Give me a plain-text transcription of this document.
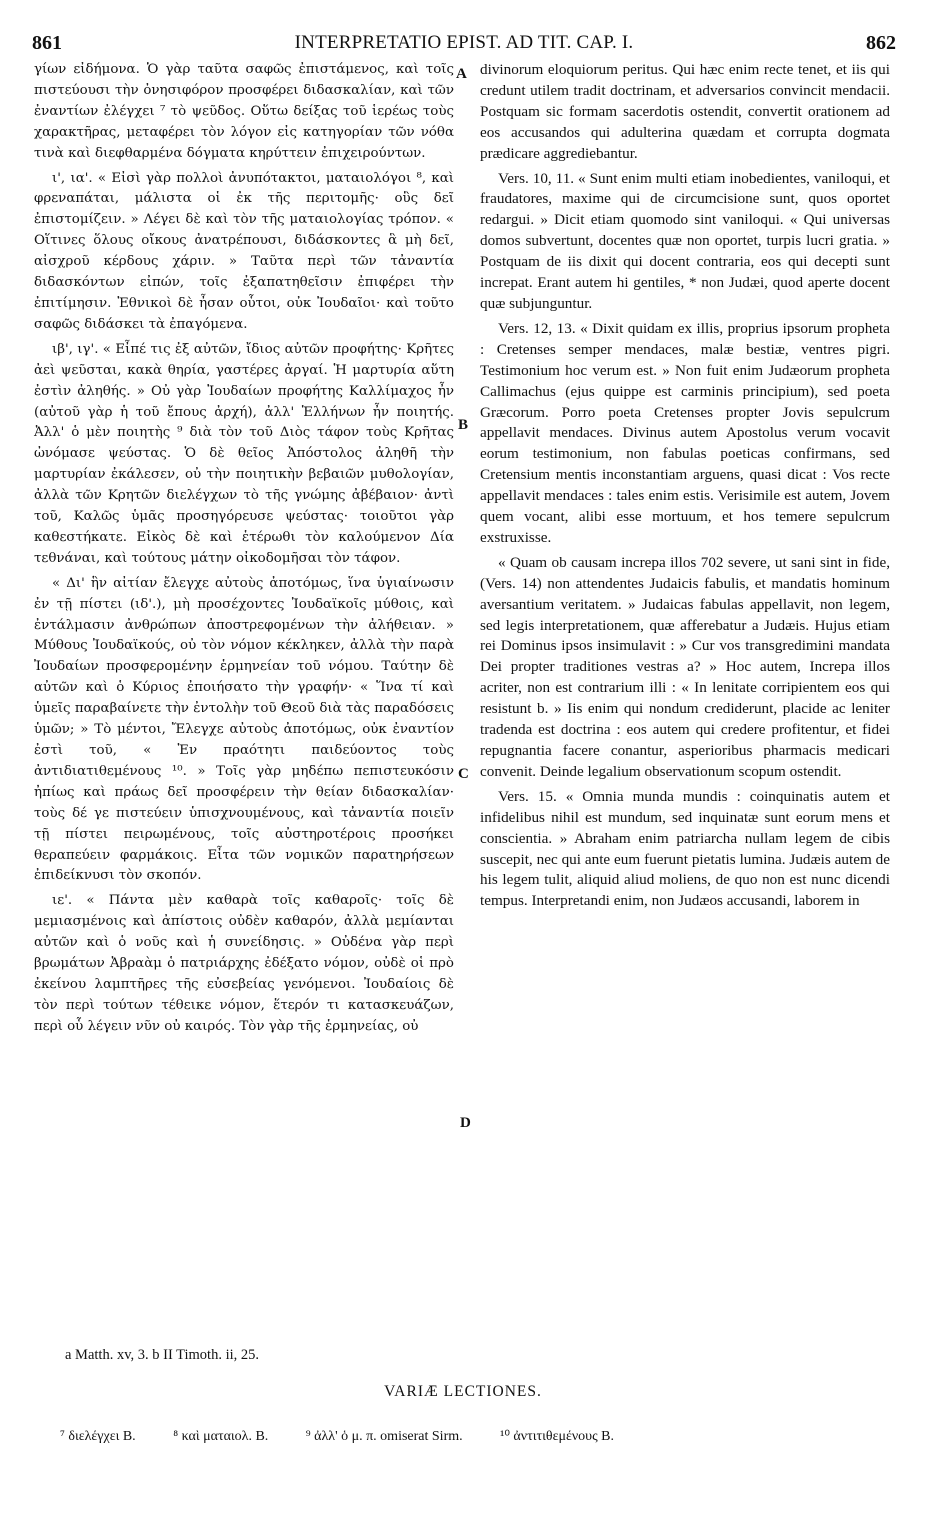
861	INTERPRETATIO EPIST. AD TIT. CAP. I.	862
A
B
C
D

γίων εἰδήμονα. Ὁ γὰρ ταῦτα σαφῶς ἐπιστάμενος, καὶ τοῖς πιστεύουσι τὴν ὀνησιφόρον προσφέρει διδασκαλίαν, καὶ τῶν ἐναντίων ἐλέγχει ⁷ τὸ ψεῦδος. Οὕτω δείξας τοῦ ἱερέως τοὺς χαρακτῆρας, μεταφέρει τὸν λόγον εἰς κατηγορίαν τῶν νόθα τινὰ καὶ διεφθαρμένα δόγματα κηρύττειν ἐπιχειρούντων.

ι', ια'. « Εἰσὶ γὰρ πολλοὶ ἀνυπότακτοι, ματαιολόγοι ⁸, καὶ φρεναπάται, μάλιστα οἱ ἐκ τῆς περιτομῆς· οὓς δεῖ ἐπιστομίζειν. » Λέγει δὲ καὶ τὸν τῆς ματαιολογίας τρόπον. « Οἵτινες ὅλους οἴκους ἀνατρέπουσι, διδάσκοντες ἃ μὴ δεῖ, αἰσχροῦ κέρδους χάριν. » Ταῦτα περὶ τῶν τἀναντία διδασκόντων εἰπών, τοῖς ἐξαπατηθεῖσιν ἐπιφέρει τὴν ἐπιτίμησιν. Ἐθνικοὶ δὲ ἦσαν οὗτοι, οὐκ Ἰουδαῖοι· καὶ τοῦτο σαφῶς διδάσκει τὰ ἐπαγόμενα.

ιβ', ιγ'. « Εἶπέ τις ἐξ αὐτῶν, ἴδιος αὐτῶν προφήτης· Κρῆτες ἀεὶ ψεῦσται, κακὰ θηρία, γαστέρες ἀργαί. Ἡ μαρτυρία αὕτη ἐστὶν ἀληθής. » Οὐ γὰρ Ἰουδαίων προφήτης Καλλίμαχος ἦν (αὐτοῦ γὰρ ἡ τοῦ ἔπους ἀρχή), ἀλλ' Ἑλλήνων ἦν ποιητής. Ἀλλ' ὁ μὲν ποιητὴς ⁹ διὰ τὸν τοῦ Διὸς τάφον τοὺς Κρῆτας ὠνόμασε ψεύστας. Ὁ δὲ θεῖος Ἀπόστολος ἀληθῆ τὴν μαρτυρίαν ἐκάλεσεν, οὐ τὴν ποιητικὴν βεβαιῶν μυθολογίαν, ἀλλὰ τῶν Κρητῶν διελέγχων τὸ τῆς γνώμης ἀβέβαιον· ἀντὶ τοῦ, Καλῶς ὑμᾶς προσηγόρευσε ψεύστας· τοιοῦτοι γὰρ καθεστήκατε. Εἰκὸς δὲ καὶ ἑτέρωθι τὸν καλούμενον Δία τεθνάναι, καὶ τούτους μάτην οἰκοδομῆσαι τὸν τάφον.

« Δι' ἣν αἰτίαν ἔλεγχε αὐτοὺς ἀποτόμως, ἵνα ὑγιαίνωσιν ἐν τῇ πίστει (ιδ'.), μὴ προσέχοντες Ἰουδαϊκοῖς μύθοις, καὶ ἐντάλμασιν ἀνθρώπων ἀποστρεφομένων τὴν ἀλήθειαν. » Μύθους Ἰουδαϊκούς, οὐ τὸν νόμον κέκληκεν, ἀλλὰ τὴν παρὰ Ἰουδαίων προσφερομένην ἑρμηνείαν τοῦ νόμου. Ταύτην δὲ αὐτῶν καὶ ὁ Κύριος ἐποιήσατο τὴν γραφήν· « Ἵνα τί καὶ ὑμεῖς παραβαίνετε τὴν ἐντολὴν τοῦ Θεοῦ διὰ τὰς παραδόσεις ὑμῶν; » Τὸ μέντοι, Ἔλεγχε αὐτοὺς ἀποτόμως, οὐκ ἐναντίον ἐστὶ τοῦ, « Ἐν πραότητι παιδεύοντος τοὺς ἀντιδιατιθεμένους ¹⁰. » Τοῖς γὰρ μηδέπω πεπιστευκόσιν ἠπίως καὶ πράως δεῖ προσφέρειν τὴν θείαν διδασκαλίαν· τοὺς δέ γε πιστεύειν ὑπισχνουμένους, καὶ τἀναντία ποιεῖν τῇ πίστει πειρωμένους, τοῖς αὐστηροτέροις προσήκει θεραπεύειν φαρμάκοις. Εἶτα τῶν νομικῶν παρατηρήσεων ἐπιδείκνυσι τὸν σκοπόν.

ιε'. « Πάντα μὲν καθαρὰ τοῖς καθαροῖς· τοῖς δὲ μεμιασμένοις καὶ ἀπίστοις οὐδὲν καθαρόν, ἀλλὰ μεμίανται αὐτῶν καὶ ὁ νοῦς καὶ ἡ συνείδησις. » Οὐδένα γὰρ περὶ βρωμάτων Ἀβραὰμ ὁ πατριάρχης ἐδέξατο νόμον, οὐδὲ οἱ πρὸ ἐκείνου λαμπτῆρες τῆς εὐσεβείας γενόμενοι. Ἰουδαίοις δὲ τὸν περὶ τούτων τέθεικε νόμον, ἕτερόν τι κατασκευάζων, περὶ οὗ λέγειν νῦν οὐ καιρός. Τὸν γὰρ τῆς ἑρμηνείας, οὐ

divinorum eloquiorum peritus. Qui hæc enim recte tenet, et iis qui credunt utilem tradit doctrinam, et adversarios convincit mendacii. Postquam sic formam sacerdotis ostendit, convertit orationem ad eos accusandos qui adulterina quædam et corrupta dogmata prædicare aggrediebantur.

Vers. 10, 11. « Sunt enim multi etiam inobedientes, vaniloqui, et fraudatores, maxime qui de circumcisione sunt, quos oportet redargui. » Dicit etiam quomodo sint vaniloqui. « Qui universas domos subvertunt, docentes quæ non oportet, turpis lucri gratia. » Postquam de iis dixit qui docent contraria, eos qui decepti sunt increpat. Erant autem hi gentiles, * non Judæi, quod aperte docent quæ subjunguntur.

Vers. 12, 13. « Dixit quidam ex illis, proprius ipsorum propheta : Cretenses semper mendaces, malæ bestiæ, ventres pigri. Testimonium hoc verum est. » Non fuit enim Judæorum propheta Callimachus (ejus quippe est carminis principium), sed poeta Græcorum. Porro poeta Cretenses propter Jovis sepulcrum appellavit mendaces. Divinus autem Apostolus verum vocavit eorum testimonium, non fabulas poeticas confirmans, sed Cretensium mentis inconstantiam arguens, quasi dicat : Vos recte appellavit mendaces : tales enim estis. Verisimile est autem, Jovem quem vocant, alibi esse mortuum, et hos temere sepulcrum exstruxisse.

« Quam ob causam increpa illos 702 severe, ut sani sint in fide, (Vers. 14) non attendentes Judaicis fabulis, et mandatis hominum aversantium veritatem. » Judaicas fabulas appellavit, non legem, sed legis interpretationem, quæ afferebatur a Judæis. Hujus etiam rei Dominus ipsos insimulavit : » Cur vos transgredimini mandata Dei propter traditiones vestras a? » Hoc autem, Increpa illos acriter, non est contrarium illi : « In lenitate corripientem eos qui resistunt b. » Iis enim qui nondum crediderunt, placide ac leniter tradenda est doctrina : eos autem qui credere profitentur, et fidei repugnantia facere conantur, asperioribus pharmacis medicari convenit. Deinde legalium observationum scopum ostendit.

Vers. 15. « Omnia munda mundis : coinquinatis autem et infidelibus nihil est mundum, sed inquinatæ sunt eorum mens et conscientia. » Abraham enim patriarcha nullam legem de cibis suscepit, nec qui ante eum fuerunt pietatis lumina. Judæis autem de his legem tulit, aliquid aliud moliens, de quo non est nunc dicendi tempus. Interpretandi enim, non Judæos accusandi, laborem in

a Matth. xv, 3. b II Timoth. ii, 25.
VARIÆ LECTIONES.
⁷ διελέγχει B.	⁸ καὶ ματαιολ. B.	⁹ ἀλλ' ὁ μ. π. omiserat Sirm.	¹⁰ ἀντιτιθεμένους B.
